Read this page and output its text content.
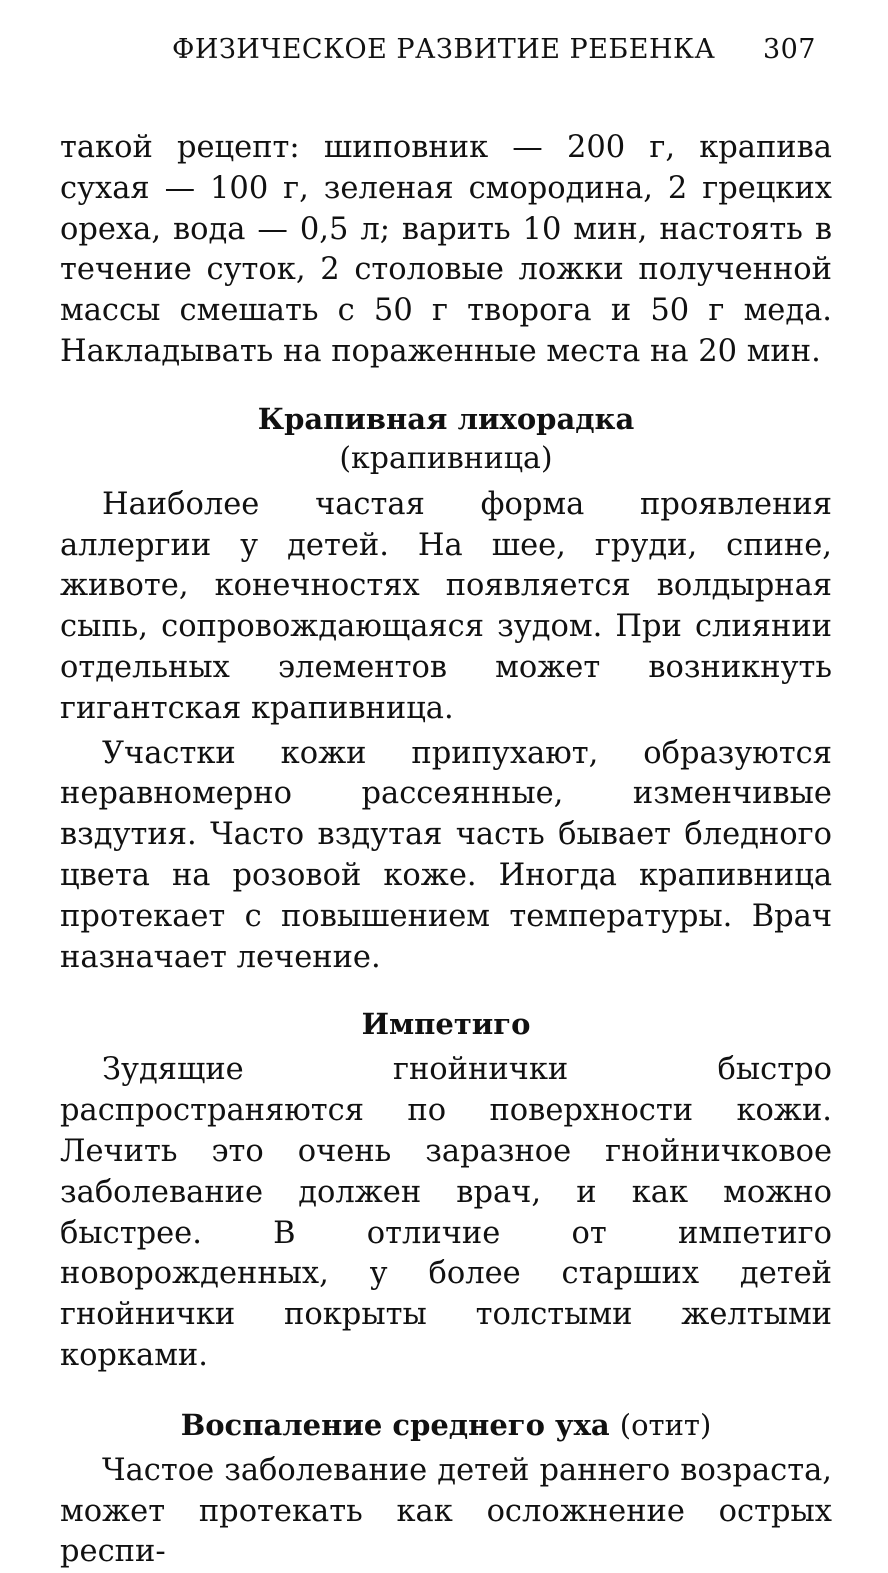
ФИЗИЧЕСКОЕ РАЗВИТИЕ РЕБЕНКА 307

такой рецепт: шиповник — 200 г, крапива сухая — 100 г, зеленая смородина, 2 грецких ореха, вода — 0,5 л; варить 10 мин, настоять в течение суток, 2 столовые ложки полученной массы смешать с 50 г творога и 50 г меда. Накладывать на пораженные места на 20 мин.

Крапивная лихорадка
(крапивница)

Наиболее частая форма проявления аллергии у детей. На шее, груди, спине, животе, конечностях появляется волдырная сыпь, сопровождающаяся зудом. При слиянии отдельных элементов может возникнуть гигантская крапивница.

Участки кожи припухают, образуются неравномерно рассеянные, изменчивые вздутия. Часто вздутая часть бывает бледного цвета на розовой коже. Иногда крапивница протекает с повышением температуры. Врач назначает лечение.

Импетиго

Зудящие гнойнички быстро распространяются по поверхности кожи. Лечить это очень заразное гнойничковое заболевание должен врач, и как можно быстрее. В отличие от импетиго новорожденных, у более старших детей гнойнички покрыты толстыми желтыми корками.

Воспаление среднего уха (отит)

Частое заболевание детей раннего возраста, может протекать как осложнение острых респи-
